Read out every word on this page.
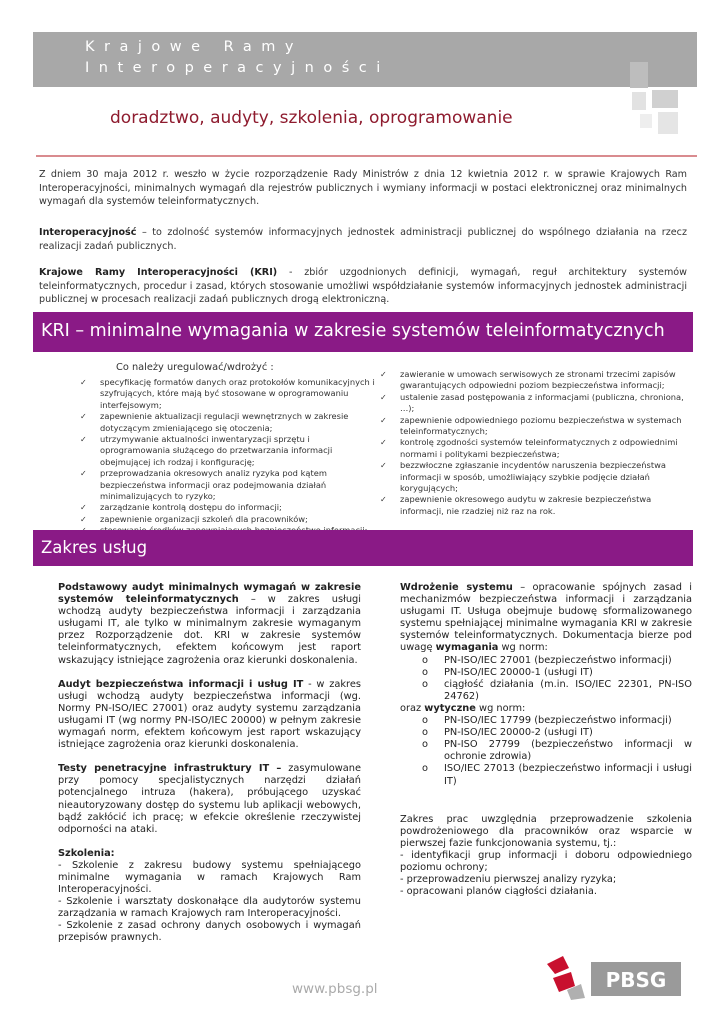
Krajowe Ramy
Interoperacyjności
doradztwo, audyty, szkolenia, oprogramowanie
Z dniem 30 maja 2012 r. weszło w życie rozporządzenie Rady Ministrów z dnia 12 kwietnia 2012 r. w sprawie Krajowych Ram Interoperacyjności, minimalnych wymagań dla rejestrów publicznych i wymiany informacji w postaci elektronicznej oraz minimalnych wymagań dla systemów teleinformatycznych.
Interoperacyjność – to zdolność systemów informacyjnych jednostek administracji publicznej do wspólnego działania na rzecz realizacji zadań publicznych.
Krajowe Ramy Interoperacyjności (KRI) - zbiór uzgodnionych definicji, wymagań, reguł architektury systemów teleinformatycznych, procedur i zasad, których stosowanie umożliwi współdziałanie systemów informacyjnych jednostek administracji publicznej w procesach realizacji zadań publicznych drogą elektroniczną.
KRI – minimalne wymagania w zakresie systemów teleinformatycznych
Co należy uregulować/wdrożyć :
✓ specyfikację formatów danych oraz protokołów komunikacyjnych i szyfrujących, które mają być stosowane w oprogramowaniu interfejsowym;
✓ zapewnienie aktualizacji regulacji wewnętrznych w zakresie dotyczącym zmieniającego się otoczenia;
✓ utrzymywanie aktualności inwentaryzacji sprzętu i oprogramowania służącego do przetwarzania informacji obejmującej ich rodzaj i konfigurację;
✓ przeprowadzania okresowych analiz ryzyka pod kątem bezpieczeństwa informacji oraz podejmowania działań minimalizujących to ryzyko;
✓ zarządzanie kontrolą dostępu do informacji;
✓ zapewnienie organizacji szkoleń dla pracowników;
✓ zawieranie w umowach serwisowych ze stronami trzecimi zapisów gwarantujących odpowiedni poziom bezpieczeństwa informacji;
✓ ustalenie zasad postępowania z informacjami (publiczna, chroniona, …);
✓ zapewnienie odpowiedniego poziomu bezpieczeństwa w systemach teleinformatycznych;
✓ kontrolę zgodności systemów teleinformatycznych z odpowiednimi normami i politykami bezpieczeństwa;
✓ bezzwłoczne zgłaszanie incydentów naruszenia bezpieczeństwa informacji w sposób, umożliwiający szybkie podjęcie działań korygujących;
✓ zapewnienie okresowego audytu w zakresie bezpieczeństwa informacji, nie rzadziej niż raz na rok.
Zakres usług

Podstawowy audyt minimalnych wymagań w zakresie systemów teleinformatycznych – w zakres usługi wchodzą audyty bezpieczeństwa informacji i zarządzania usługami IT, ale tylko w minimalnym zakresie wymaganym przez Rozporządzenie dot. KRI w zakresie systemów teleinformatycznych, efektem końcowym jest raport wskazujący istniejące zagrożenia oraz kierunki doskonalenia.

Audyt bezpieczeństwa informacji i usług IT - w zakres usługi wchodzą audyty bezpieczeństwa informacji (wg. Normy PN-ISO/IEC 27001) oraz audyty systemu zarządzania usługami IT (wg normy PN-ISO/IEC 20000) w pełnym zakresie wymagań norm, efektem końcowym jest raport wskazujący istniejące zagrożenia oraz kierunki doskonalenia.

Testy penetracyjne infrastruktury IT – zasymulowane przy pomocy specjalistycznych narzędzi działań potencjalnego intruza (hakera), próbującego uzyskać nieautoryzowany dostęp do systemu lub aplikacji webowych, bądź zakłócić ich pracę; w efekcie określenie rzeczywistej odporności na ataki.

Szkolenia:
- Szkolenie z zakresu budowy systemu spełniającego minimalne wymagania w ramach Krajowych Ram Interoperacyjności.
- Szkolenie i warsztaty doskonałące dla audytorów systemu zarządzania w ramach Krajowych ram Interoperacyjności.
- Szkolenie z zasad ochrony danych osobowych i wymagań przepisów prawnych.
Wdrożenie systemu – opracowanie spójnych zasad i mechanizmów bezpieczeństwa informacji i zarządzania usługami IT. Usługa obejmuje budowę sformalizowanego systemu spełniającej minimalne wymagania KRI w zakresie systemów teleinformatycznych. Dokumentacja bierze pod uwagę wymagania wg norm:
o PN-ISO/IEC 27001 (bezpieczeństwo informacji)
o PN-ISO/IEC 20000-1 (usługi IT)
o ciągłość działania (m.in. ISO/IEC 22301, PN-ISO 24762)
oraz wytyczne wg norm:
o PN-ISO/IEC 17799 (bezpieczeństwo informacji)
o PN-ISO/IEC 20000-2 (usługi IT)
o PN-ISO 27799 (bezpieczeństwo informacji w ochronie zdrowia)
o ISO/IEC 27013 (bezpieczeństwo informacji i usługi IT)
Zakres prac uwzględnia przeprowadzenie szkolenia powdrożeniowego dla pracowników oraz wsparcie w pierwszej fazie funkcjonowania systemu, tj.:
- identyfikacji grup informacji i doboru odpowiedniego poziomu ochrony;
- przeprowadzeniu pierwszej analizy ryzyka;
- opracowani planów ciągłości działania.
www.pbsg.pl	PBSG
